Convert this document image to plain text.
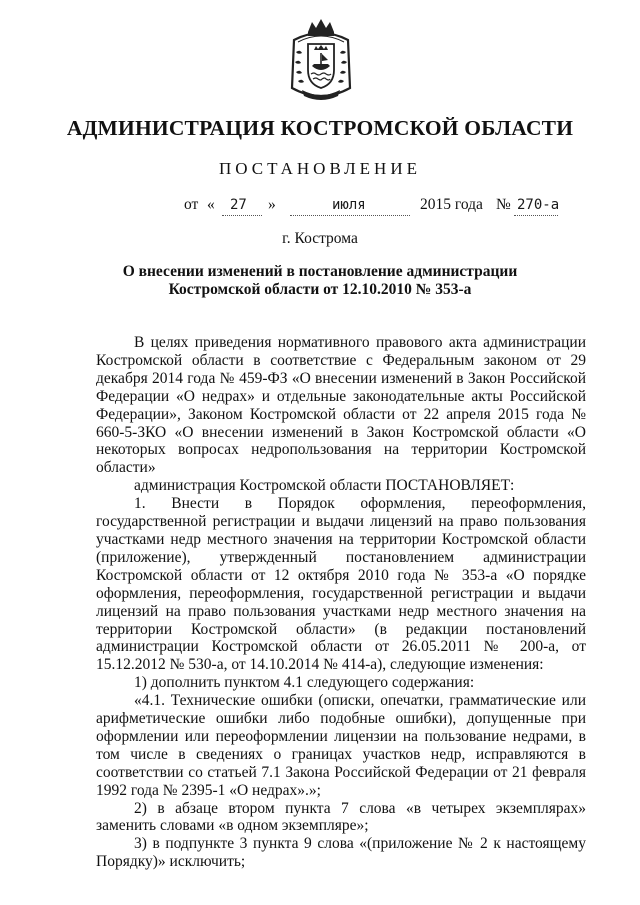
АДМИНИСТРАЦИЯ КОСТРОМСКОЙ ОБЛАСТИ
ПОСТАНОВЛЕНИЕ
от « 27 »	июля	2015 года № 270-а
г. Кострома
О внесении изменений в постановление администрации
Костромской области от 12.10.2010 № 353-а

В целях приведения нормативного правового акта администрации Костромской области в соответствие с Федеральным законом от 29 декабря 2014 года № 459-ФЗ «О внесении изменений в Закон Российской Федерации «О недрах» и отдельные законодательные акты Российской Федерации», Законом Костромской области от 22 апреля 2015 года № 660-5-ЗКО «О внесении изменений в Закон Костромской области «О некоторых вопросах недропользования на территории Костромской области»

администрация Костромской области ПОСТАНОВЛЯЕТ:

1. Внести в Порядок оформления, переоформления, государственной регистрации и выдачи лицензий на право пользования участками недр местного значения на территории Костромской области (приложение), утвержденный постановлением администрации Костромской области от 12 октября 2010 года № 353-а «О порядке оформления, переоформления, государственной регистрации и выдачи лицензий на право пользования участками недр местного значения на территории Костромской области» (в редакции постановлений администрации Костромской области от 26.05.2011 № 200-а, от 15.12.2012 № 530-а, от 14.10.2014 № 414-а), следующие изменения:

1) дополнить пунктом 4.1 следующего содержания:

«4.1. Технические ошибки (описки, опечатки, грамматические или арифметические ошибки либо подобные ошибки), допущенные при оформлении или переоформлении лицензии на пользование недрами, в том числе в сведениях о границах участков недр, исправляются в соответствии со статьей 7.1 Закона Российской Федерации от 21 февраля 1992 года № 2395-1 «О недрах».»;

2) в абзаце втором пункта 7 слова «в четырех экземплярах» заменить словами «в одном экземпляре»;

3) в подпункте 3 пункта 9 слова «(приложение № 2 к настоящему Порядку)» исключить;
